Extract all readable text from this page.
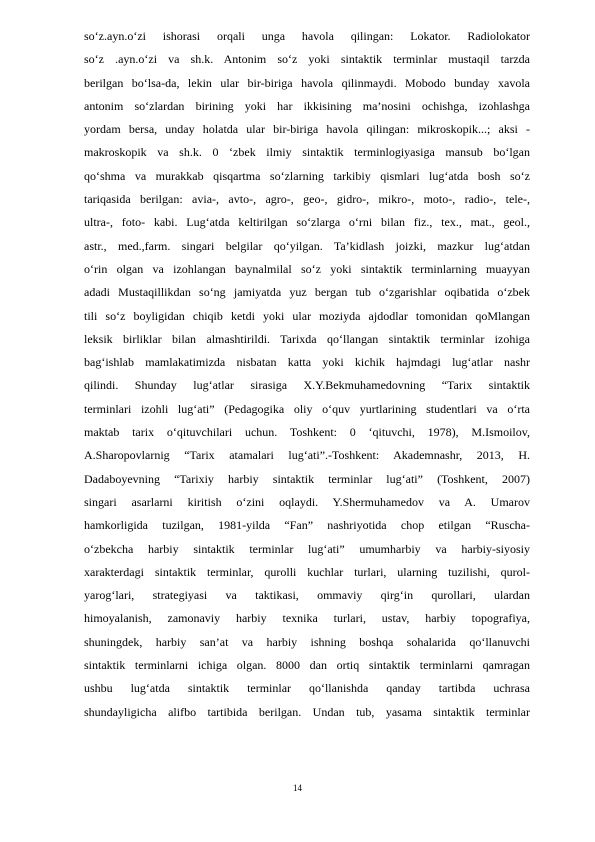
so‘z.ayn.o‘zi ishorasi orqali unga havola qilingan: Lokator. Radiolokator
so‘z .ayn.o‘zi va sh.k. Antonim so‘z yoki sintaktik terminlar mustaqil tarzda
berilgan bo‘lsa-da, lekin ular bir-biriga havola qilinmaydi. Mobodo bunday xavola
antonim so‘zlardan birining yoki har ikkisining ma’nosini ochishga, izohlashga
yordam bersa, unday holatda ular bir-biriga havola qilingan: mikroskopik...; aksi -
makroskopik va sh.k. 0 ‘zbek ilmiy sintaktik terminlogiyasiga mansub bo‘lgan
qo‘shma va murakkab qisqartma so‘zlarning tarkibiy qismlari lug‘atda bosh so‘z
tariqasida berilgan: avia-, avto-, agro-, geo-, gidro-, mikro-, moto-, radio-, tele-,
ultra-, foto- kabi. Lug‘atda keltirilgan so‘zlarga o‘rni bilan fiz., tex., mat., geol.,
astr., med.,farm. singari belgilar qo‘yilgan. Ta’kidlash joizki, mazkur lug‘atdan
o‘rin olgan va izohlangan baynalmilal so‘z yoki sintaktik terminlarning muayyan
adadi Mustaqillikdan so‘ng jamiyatda yuz bergan tub o‘zgarishlar oqibatida o‘zbek
tili so‘z boyligidan chiqib ketdi yoki ular moziyda ajdodlar tomonidan qoMlangan
leksik birliklar bilan almashtirildi. Tarixda qo‘llangan sintaktik terminlar izohiga
bag‘ishlab mamlakatimizda nisbatan katta yoki kichik hajmdagi lug‘atlar nashr
qilindi. Shunday lug‘atlar sirasiga X.Y.Bekmuhamedovning “Tarix sintaktik
terminlari izohli lug‘ati” (Pedagogika oliy o‘quv yurtlarining studentlari va o‘rta
maktab tarix o‘qituvchilari uchun. Toshkent: 0 ‘qituvchi, 1978), M.Ismoilov,
A.Sharopovlarnig “Tarix atamalari lug‘ati”.-Toshkent: Akademnashr, 2013, H.
Dadaboyevning “Tarixiy harbiy sintaktik terminlar lug‘ati” (Toshkent, 2007)
singari asarlarni kiritish o‘zini oqlaydi. Y.Shermuhamedov va A. Umarov
hamkorligida tuzilgan, 1981-yilda “Fan” nashriyotida chop etilgan “Ruscha-
o‘zbekcha harbiy sintaktik terminlar lug‘ati” umumharbiy va harbiy-siyosiy
xarakterdagi sintaktik terminlar, qurolli kuchlar turlari, ularning tuzilishi, qurol-
yarog‘lari, strategiyasi va taktikasi, ommaviy qirg‘in qurollari, ulardan
himoyalanish, zamonaviy harbiy texnika turlari, ustav, harbiy topografiya,
shuningdek, harbiy san’at va harbiy ishning boshqa sohalarida qo‘llanuvchi
sintaktik terminlarni ichiga olgan. 8000 dan ortiq sintaktik terminlarni qamragan
ushbu lug‘atda sintaktik terminlar qo‘llanishda qanday tartibda uchrasa
shundayligicha alifbo tartibida berilgan. Undan tub, yasama sintaktik terminlar
14
